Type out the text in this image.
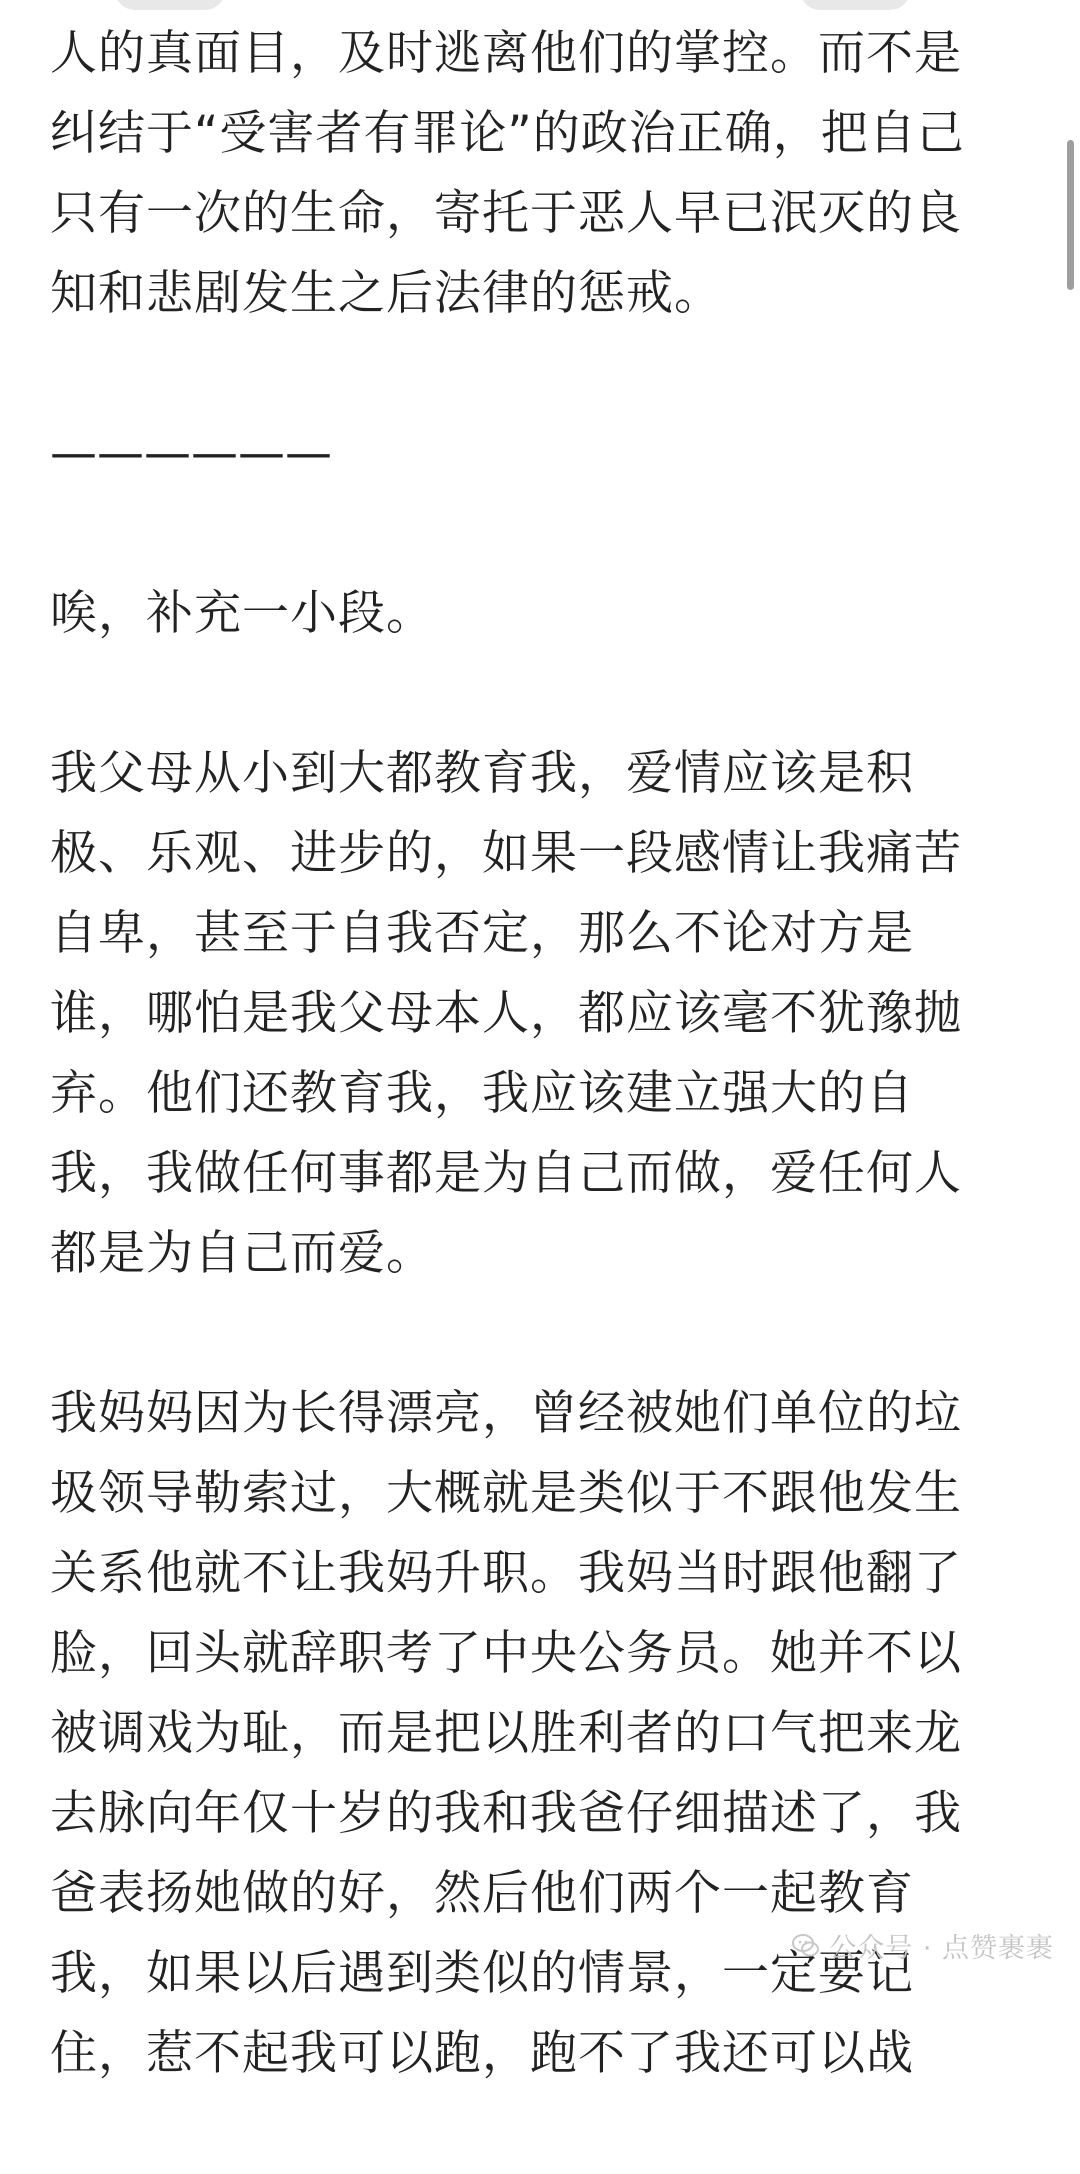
人的真面目，及时逃离他们的掌控。而不是
纠结于“受害者有罪论”的政治正确，把自己
只有一次的生命，寄托于恶人早已泯灭的良
知和悲剧发生之后法律的惩戒。
——————
唉，补充一小段。
我父母从小到大都教育我，爱情应该是积
极、乐观、进步的，如果一段感情让我痛苦
自卑，甚至于自我否定，那么不论对方是
谁，哪怕是我父母本人，都应该毫不犹豫抛
弃。他们还教育我，我应该建立强大的自
我，我做任何事都是为自己而做，爱任何人
都是为自己而爱。
我妈妈因为长得漂亮，曾经被她们单位的垃
圾领导勒索过，大概就是类似于不跟他发生
关系他就不让我妈升职。我妈当时跟他翻了
脸，回头就辞职考了中央公务员。她并不以
被调戏为耻，而是把以胜利者的口气把来龙
去脉向年仅十岁的我和我爸仔细描述了，我
爸表扬她做的好，然后他们两个一起教育
我，如果以后遇到类似的情景，一定要记
住，惹不起我可以跑，跑不了我还可以战
公众号 · 点赞裹裹
